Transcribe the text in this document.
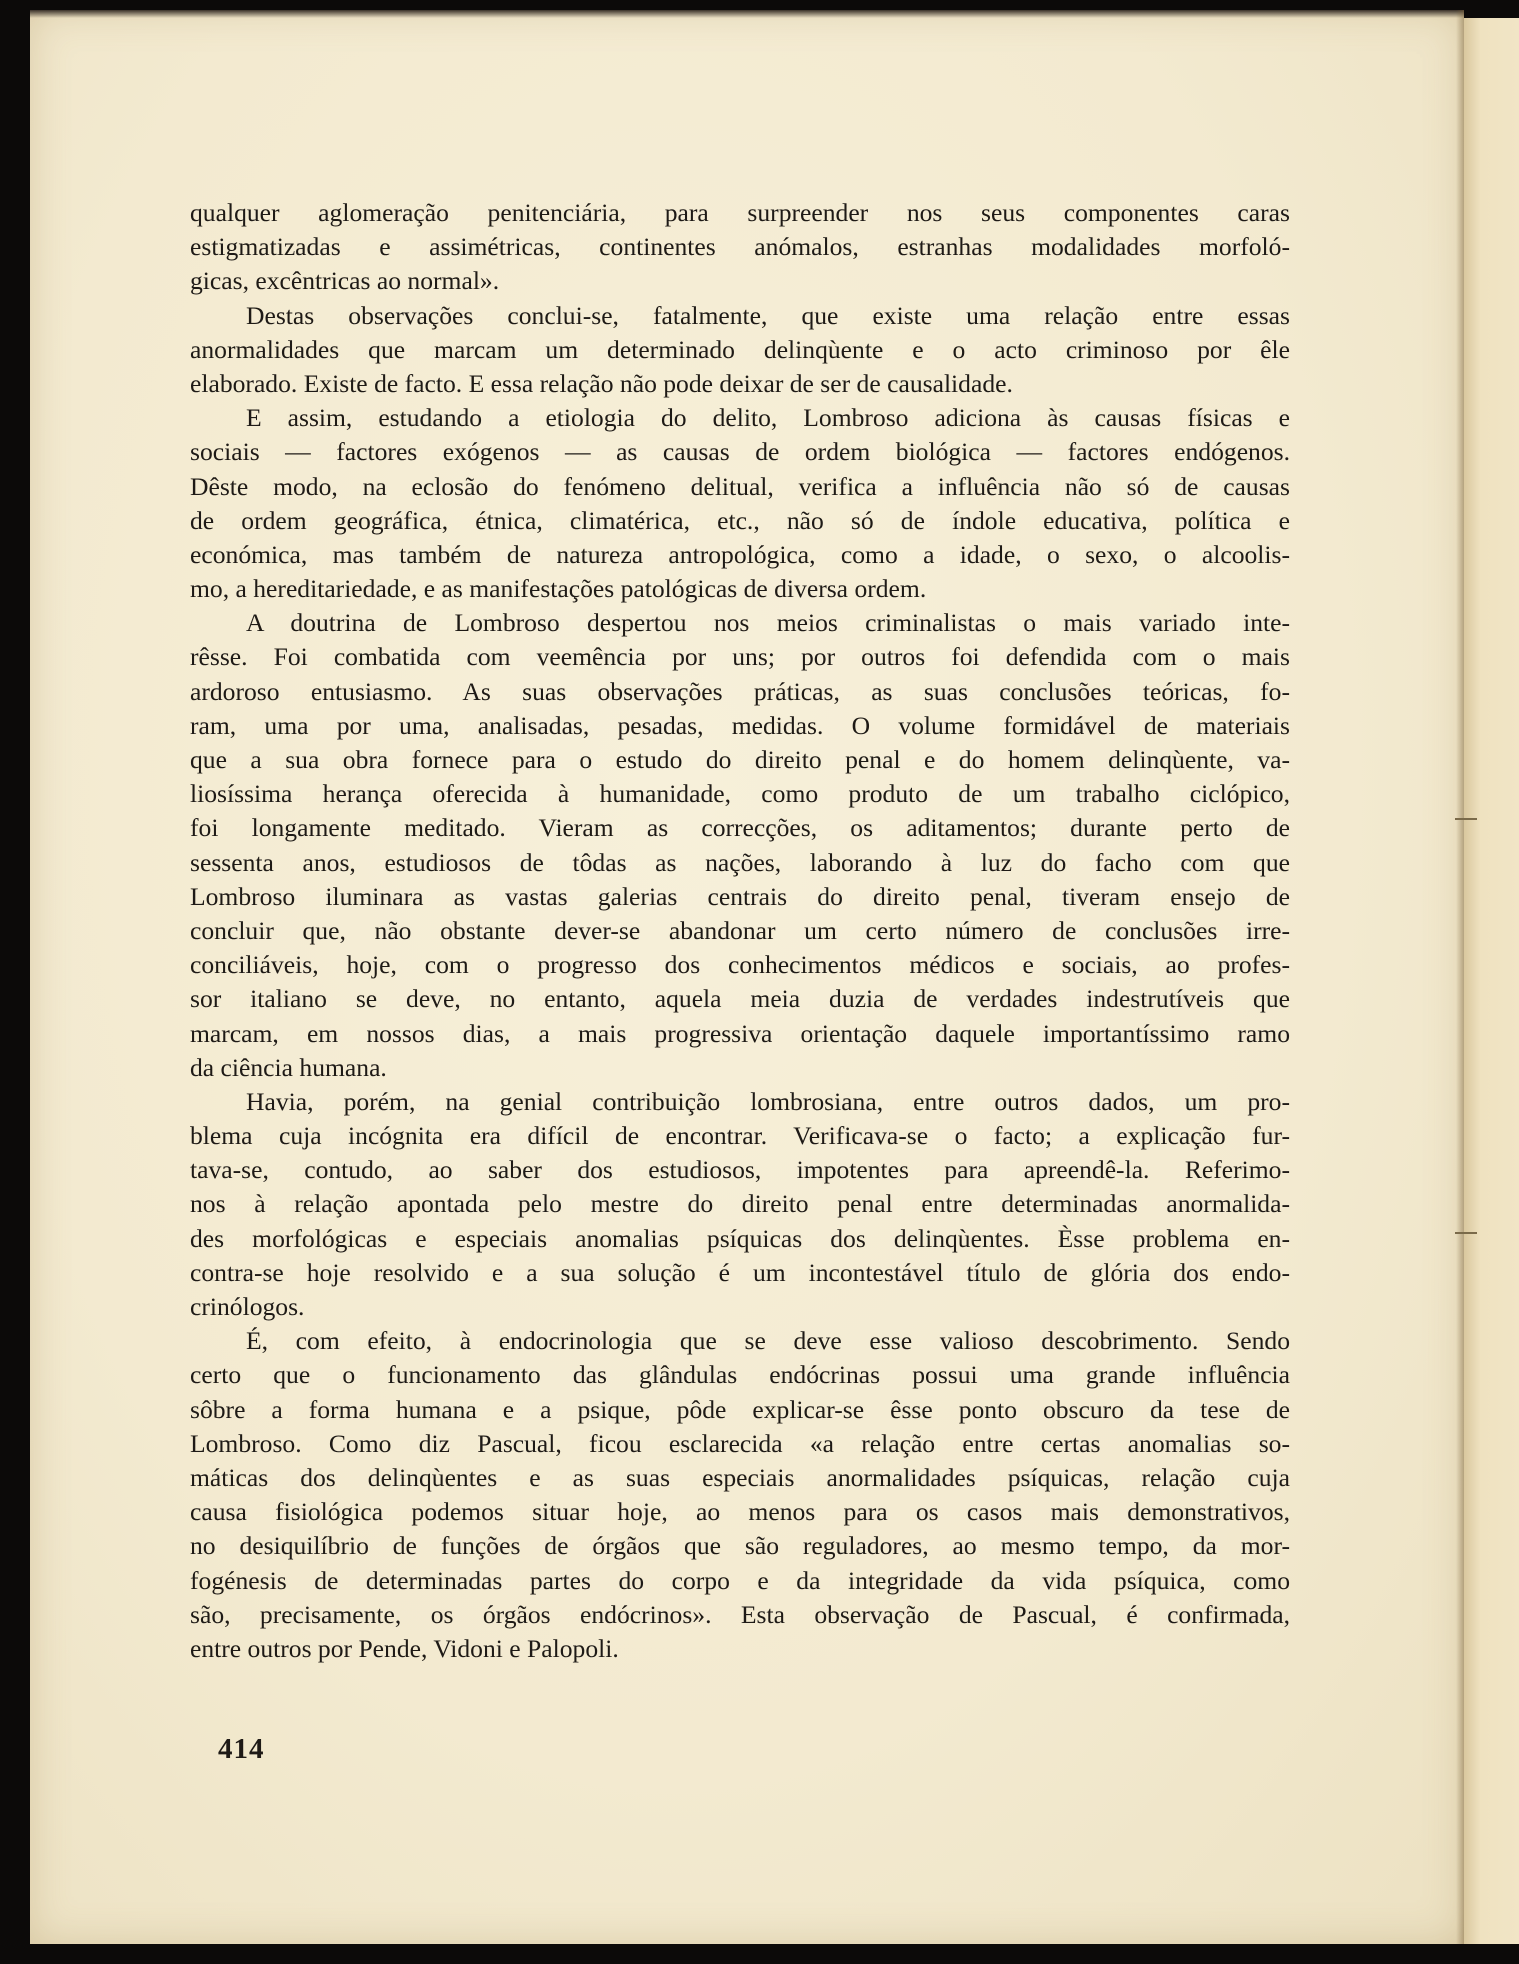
qualquer aglomeração penitenciária, para surpreender nos seus componentes caras
estigmatizadas e assimétricas, continentes anómalos, estranhas modalidades morfoló-
gicas, excêntricas ao normal».
Destas observações conclui-se, fatalmente, que existe uma relação entre essas
anormalidades que marcam um determinado delinqùente e o acto criminoso por êle
elaborado. Existe de facto. E essa relação não pode deixar de ser de causalidade.
E assim, estudando a etiologia do delito, Lombroso adiciona às causas físicas e
sociais — factores exógenos — as causas de ordem biológica — factores endógenos.
Dêste modo, na eclosão do fenómeno delitual, verifica a influência não só de causas
de ordem geográfica, étnica, climatérica, etc., não só de índole educativa, política e
económica, mas também de natureza antropológica, como a idade, o sexo, o alcoolis-
mo, a hereditariedade, e as manifestações patológicas de diversa ordem.
A doutrina de Lombroso despertou nos meios criminalistas o mais variado inte-
rêsse. Foi combatida com veemência por uns; por outros foi defendida com o mais
ardoroso entusiasmo. As suas observações práticas, as suas conclusões teóricas, fo-
ram, uma por uma, analisadas, pesadas, medidas. O volume formidável de materiais
que a sua obra fornece para o estudo do direito penal e do homem delinqùente, va-
liosíssima herança oferecida à humanidade, como produto de um trabalho ciclópico,
foi longamente meditado. Vieram as correcções, os aditamentos; durante perto de
sessenta anos, estudiosos de tôdas as nações, laborando à luz do facho com que
Lombroso iluminara as vastas galerias centrais do direito penal, tiveram ensejo de
concluir que, não obstante dever-se abandonar um certo número de conclusões irre-
conciliáveis, hoje, com o progresso dos conhecimentos médicos e sociais, ao profes-
sor italiano se deve, no entanto, aquela meia duzia de verdades indestrutíveis que
marcam, em nossos dias, a mais progressiva orientação daquele importantíssimo ramo
da ciência humana.
Havia, porém, na genial contribuição lombrosiana, entre outros dados, um pro-
blema cuja incógnita era difícil de encontrar. Verificava-se o facto; a explicação fur-
tava-se, contudo, ao saber dos estudiosos, impotentes para apreendê-la. Referimo-
nos à relação apontada pelo mestre do direito penal entre determinadas anormalida-
des morfológicas e especiais anomalias psíquicas dos delinqùentes. Èsse problema en-
contra-se hoje resolvido e a sua solução é um incontestável título de glória dos endo-
crinólogos.
É, com efeito, à endocrinologia que se deve esse valioso descobrimento. Sendo
certo que o funcionamento das glândulas endócrinas possui uma grande influência
sôbre a forma humana e a psique, pôde explicar-se êsse ponto obscuro da tese de
Lombroso. Como diz Pascual, ficou esclarecida «a relação entre certas anomalias so-
máticas dos delinqùentes e as suas especiais anormalidades psíquicas, relação cuja
causa fisiológica podemos situar hoje, ao menos para os casos mais demonstrativos,
no desiquilíbrio de funções de órgãos que são reguladores, ao mesmo tempo, da mor-
fogénesis de determinadas partes do corpo e da integridade da vida psíquica, como
são, precisamente, os órgãos endócrinos». Esta observação de Pascual, é confirmada,
entre outros por Pende, Vidoni e Palopoli.
414
